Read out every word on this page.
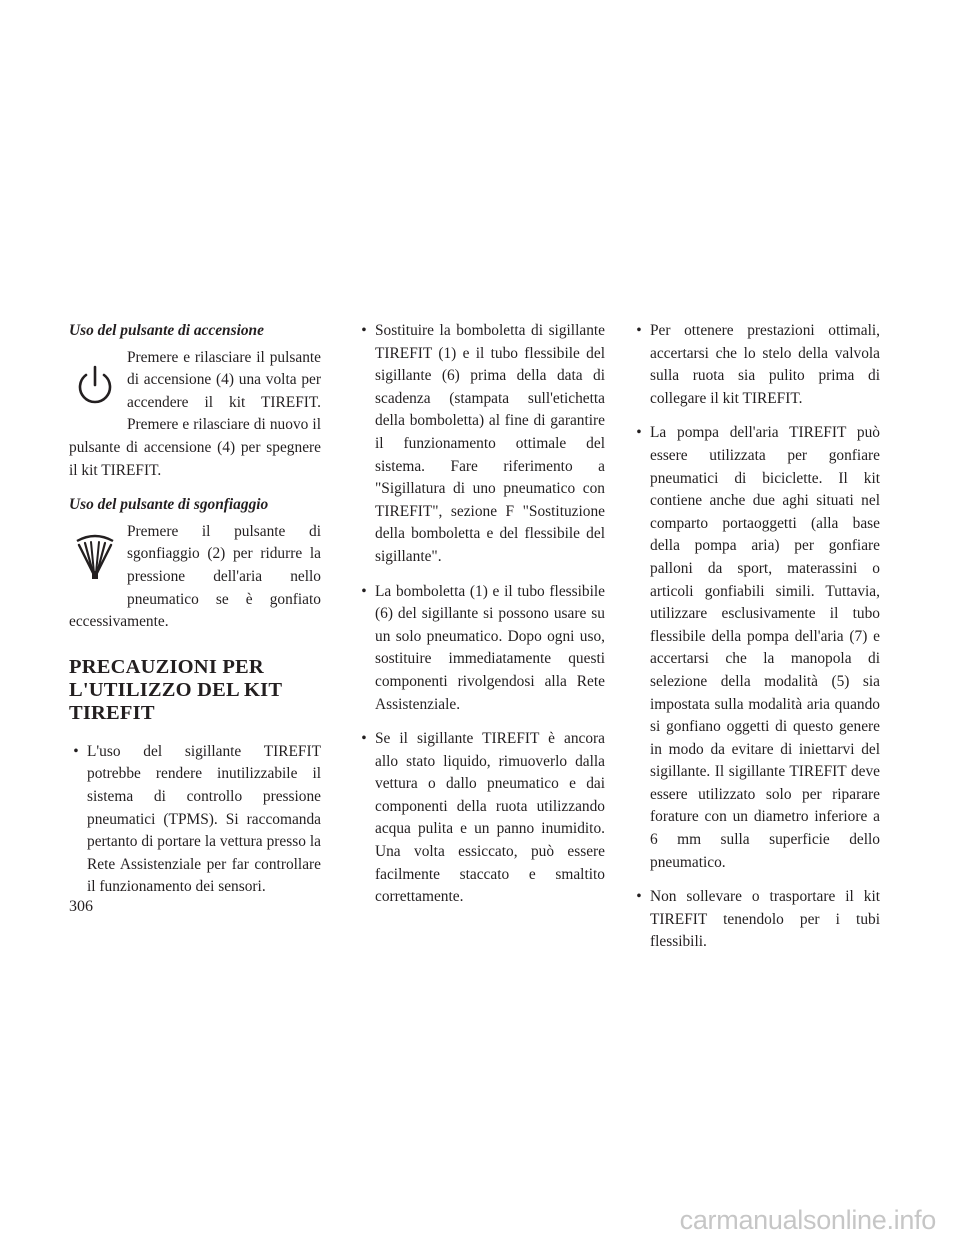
Uso del pulsante di accensione

Premere e rilasciare il pulsante di accensione (4) una volta per accendere il kit TIREFIT. Premere e rilasciare di nuovo il pulsante di accensione (4) per spegnere il kit TIREFIT.

Uso del pulsante di sgonfiaggio

Premere il pulsante di sgonfiaggio (2) per ridurre la pressione dell'aria nello pneumatico se è gonfiato eccessivamente.

PRECAUZIONI PER L'UTILIZZO DEL KIT TIREFIT
• L'uso del sigillante TIREFIT potrebbe rendere inutilizzabile il sistema di controllo pressione pneumatici (TPMS). Si raccomanda pertanto di portare la vettura presso la Rete Assistenziale per far controllare il funzionamento dei sensori.
• Sostituire la bomboletta di sigillante TIREFIT (1) e il tubo flessibile del sigillante (6) prima della data di scadenza (stampata sull'etichetta della bomboletta) al fine di garantire il funzionamento ottimale del sistema. Fare riferimento a "Sigillatura di uno pneumatico con TIREFIT", sezione F "Sostituzione della bomboletta e del flessibile del sigillante".
• La bomboletta (1) e il tubo flessibile (6) del sigillante si possono usare su un solo pneumatico. Dopo ogni uso, sostituire immediatamente questi componenti rivolgendosi alla Rete Assistenziale.
• Se il sigillante TIREFIT è ancora allo stato liquido, rimuoverlo dalla vettura o dallo pneumatico e dai componenti della ruota utilizzando acqua pulita e un panno inumidito. Una volta essiccato, può essere facilmente staccato e smaltito correttamente.
• Per ottenere prestazioni ottimali, accertarsi che lo stelo della valvola sulla ruota sia pulito prima di collegare il kit TIREFIT.
• La pompa dell'aria TIREFIT può essere utilizzata per gonfiare pneumatici di biciclette. Il kit contiene anche due aghi situati nel comparto portaoggetti (alla base della pompa aria) per gonfiare palloni da sport, materassini o articoli gonfiabili simili. Tuttavia, utilizzare esclusivamente il tubo flessibile della pompa dell'aria (7) e accertarsi che la manopola di selezione della modalità (5) sia impostata sulla modalità aria quando si gonfiano oggetti di questo genere in modo da evitare di iniettarvi del sigillante. Il sigillante TIREFIT deve essere utilizzato solo per riparare forature con un diametro inferiore a 6 mm sulla superficie dello pneumatico.
• Non sollevare o trasportare il kit TIREFIT tenendolo per i tubi flessibili.
306
carmanualsonline.info
